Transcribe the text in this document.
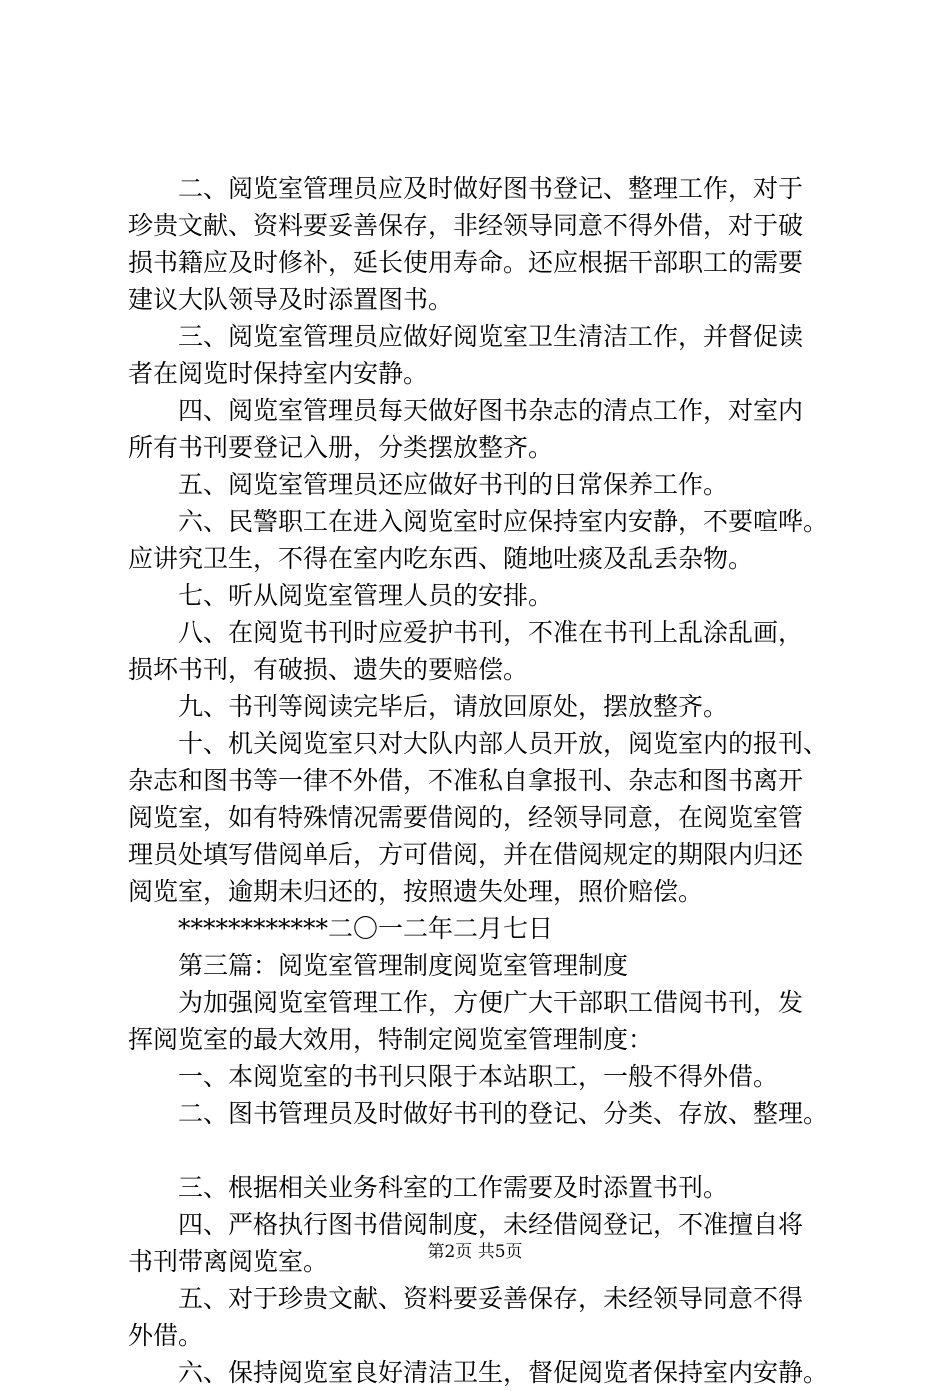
二、阅览室管理员应及时做好图书登记、整理工作，对于
珍贵文献、资料要妥善保存，非经领导同意不得外借，对于破
损书籍应及时修补，延长使用寿命。还应根据干部职工的需要
建议大队领导及时添置图书。
三、阅览室管理员应做好阅览室卫生清洁工作，并督促读
者在阅览时保持室内安静。
四、阅览室管理员每天做好图书杂志的清点工作，对室内
所有书刊要登记入册，分类摆放整齐。
五、阅览室管理员还应做好书刊的日常保养工作。
六、民警职工在进入阅览室时应保持室内安静，不要喧哗。
应讲究卫生，不得在室内吃东西、随地吐痰及乱丢杂物。
七、听从阅览室管理人员的安排。
八、在阅览书刊时应爱护书刊，不准在书刊上乱涂乱画，
损坏书刊，有破损、遗失的要赔偿。
九、书刊等阅读完毕后，请放回原处，摆放整齐。
十、机关阅览室只对大队内部人员开放，阅览室内的报刊、
杂志和图书等一律不外借，不准私自拿报刊、杂志和图书离开
阅览室，如有特殊情况需要借阅的，经领导同意，在阅览室管
理员处填写借阅单后，方可借阅，并在借阅规定的期限内归还
阅览室，逾期未归还的，按照遗失处理，照价赔偿。
************二〇一二年二月七日
第三篇：阅览室管理制度阅览室管理制度
为加强阅览室管理工作，方便广大干部职工借阅书刊，发
挥阅览室的最大效用，特制定阅览室管理制度：
一、本阅览室的书刊只限于本站职工，一般不得外借。
二、图书管理员及时做好书刊的登记、分类、存放、整理。
三、根据相关业务科室的工作需要及时添置书刊。
四、严格执行图书借阅制度，未经借阅登记，不准擅自将
书刊带离阅览室。
五、对于珍贵文献、资料要妥善保存，未经领导同意不得
外借。
六、保持阅览室良好清洁卫生，督促阅览者保持室内安静。
第2页 共5页
